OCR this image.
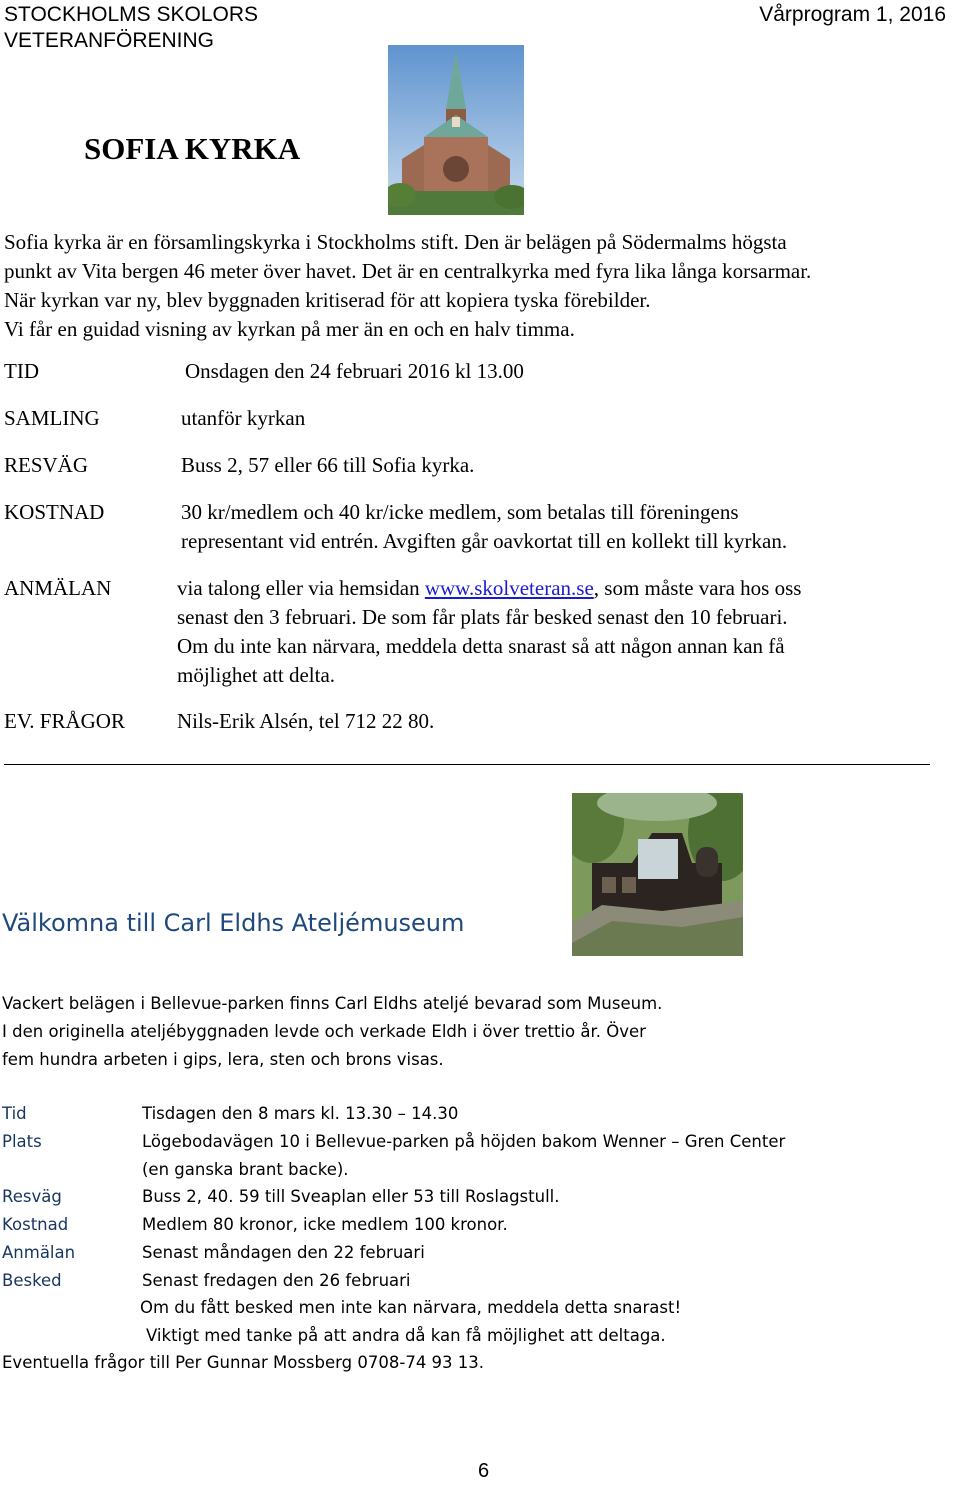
STOCKHOLMS SKOLORS
VETERANFÖRENING
Vårprogram 1, 2016
SOFIA KYRKA
Sofia kyrka är en församlingskyrka i Stockholms stift. Den är belägen på Södermalms högsta
punkt av Vita bergen 46 meter över havet. Det är en centralkyrka med fyra lika långa korsarmar.
När kyrkan var ny, blev byggnaden kritiserad för att kopiera tyska förebilder.
Vi får en guidad visning av kyrkan på mer än en och en halv timma.
TID	Onsdagen den 24 februari 2016 kl 13.00
SAMLING	utanför kyrkan
RESVÄG	Buss 2, 57 eller 66 till Sofia kyrka.
KOSTNAD	30 kr/medlem och 40 kr/icke medlem, som betalas till föreningens
representant vid entrén. Avgiften går oavkortat till en kollekt till kyrkan.
ANMÄLAN	via talong eller via hemsidan www.skolveteran.se, som måste vara hos oss
senast den 3 februari. De som får plats får besked senast den 10 februari.
Om du inte kan närvara, meddela detta snarast så att någon annan kan få
möjlighet att delta.
EV. FRÅGOR Nils-Erik Alsén, tel 712 22 80.
Välkomna till Carl Eldhs Ateljémuseum
Vackert belägen i Bellevue-parken finns Carl Eldhs ateljé bevarad som Museum.
I den originella ateljébyggnaden levde och verkade Eldh i över trettio år. Över
fem hundra arbeten i gips, lera, sten och brons visas.
Tid	Tisdagen den 8 mars kl. 13.30 – 14.30
Plats	Lögebodavägen 10 i Bellevue-parken på höjden bakom Wenner – Gren Center
(en ganska brant backe).
Resväg	Buss 2, 40. 59 till Sveaplan eller 53 till Roslagstull.
Kostnad	Medlem 80 kronor, icke medlem 100 kronor.
Anmälan	Senast måndagen den 22 februari
Besked	Senast fredagen den 26 februari
Om du fått besked men inte kan närvara, meddela detta snarast!
Viktigt med tanke på att andra då kan få möjlighet att deltaga.
Eventuella frågor till Per Gunnar Mossberg 0708-74 93 13.
6
